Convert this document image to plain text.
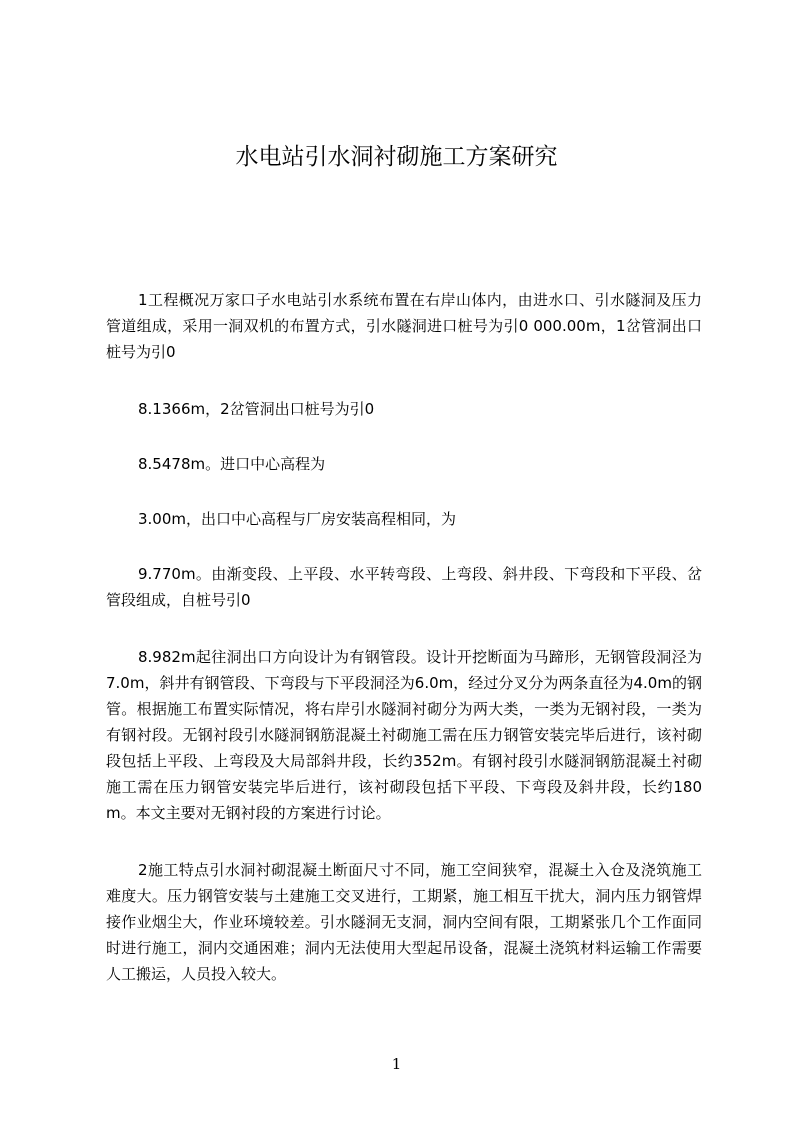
水电站引水洞衬砌施工方案研究

1工程概况万家口子水电站引水系统布置在右岸山体内，由进水口、引水隧洞及压力管道组成，采用一洞双机的布置方式，引水隧洞进口桩号为引0 000.00m，1岔管洞出口桩号为引0

8.1366m，2岔管洞出口桩号为引0

8.5478m。进口中心高程为

3.00m，出口中心高程与厂房安装高程相同，为

9.770m。由渐变段、上平段、水平转弯段、上弯段、斜井段、下弯段和下平段、岔管段组成，自桩号引0

8.982m起往洞出口方向设计为有钢管段。设计开挖断面为马蹄形，无钢管段洞泾为7.0m，斜井有钢管段、下弯段与下平段洞泾为6.0m，经过分叉分为两条直径为4.0m的钢管。根据施工布置实际情况，将右岸引水隧洞衬砌分为两大类，一类为无钢衬段，一类为有钢衬段。无钢衬段引水隧洞钢筋混凝土衬砌施工需在压力钢管安装完毕后进行，该衬砌段包括上平段、上弯段及大局部斜井段，长约352m。有钢衬段引水隧洞钢筋混凝土衬砌施工需在压力钢管安装完毕后进行，该衬砌段包括下平段、下弯段及斜井段，长约180m。本文主要对无钢衬段的方案进行讨论。

2施工特点引水洞衬砌混凝土断面尺寸不同，施工空间狭窄，混凝土入仓及浇筑施工难度大。压力钢管安装与土建施工交叉进行，工期紧，施工相互干扰大，洞内压力钢管焊接作业烟尘大，作业环境较差。引水隧洞无支洞，洞内空间有限，工期紧张几个工作面同时进行施工，洞内交通困难；洞内无法使用大型起吊设备，混凝土浇筑材料运输工作需要人工搬运，人员投入较大。

1
